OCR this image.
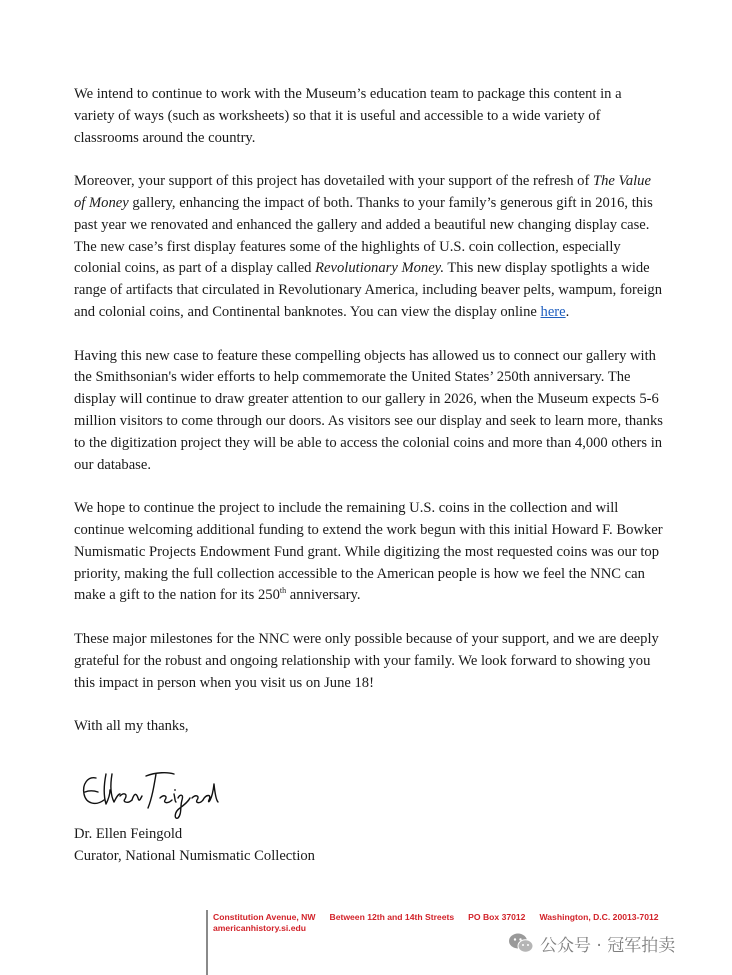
We intend to continue to work with the Museum’s education team to package this content in a variety of ways (such as worksheets) so that it is useful and accessible to a wide variety of classrooms around the country.

Moreover, your support of this project has dovetailed with your support of the refresh of The Value of Money gallery, enhancing the impact of both. Thanks to your family’s generous gift in 2016, this past year we renovated and enhanced the gallery and added a beautiful new changing display case. The new case’s first display features some of the highlights of U.S. coin collection, especially colonial coins, as part of a display called Revolutionary Money. This new display spotlights a wide range of artifacts that circulated in Revolutionary America, including beaver pelts, wampum, foreign and colonial coins, and Continental banknotes. You can view the display online here.

Having this new case to feature these compelling objects has allowed us to connect our gallery with the Smithsonian's wider efforts to help commemorate the United States’ 250th anniversary. The display will continue to draw greater attention to our gallery in 2026, when the Museum expects 5-6 million visitors to come through our doors. As visitors see our display and seek to learn more, thanks to the digitization project they will be able to access the colonial coins and more than 4,000 others in our database.

We hope to continue the project to include the remaining U.S. coins in the collection and will continue welcoming additional funding to extend the work begun with this initial Howard F. Bowker Numismatic Projects Endowment Fund grant. While digitizing the most requested coins was our top priority, making the full collection accessible to the American people is how we feel the NNC can make a gift to the nation for its 250th anniversary.

These major milestones for the NNC were only possible because of your support, and we are deeply grateful for the robust and ongoing relationship with your family. We look forward to showing you this impact in person when you visit us on June 18!

With all my thanks,

Dr. Ellen Feingold
Curator, National Numismatic Collection
Constitution Avenue, NW Between 12th and 14th Streets PO Box 37012 Washington, D.C. 20013-7012
americanhistory.si.edu
公众号 · 冠军拍卖
